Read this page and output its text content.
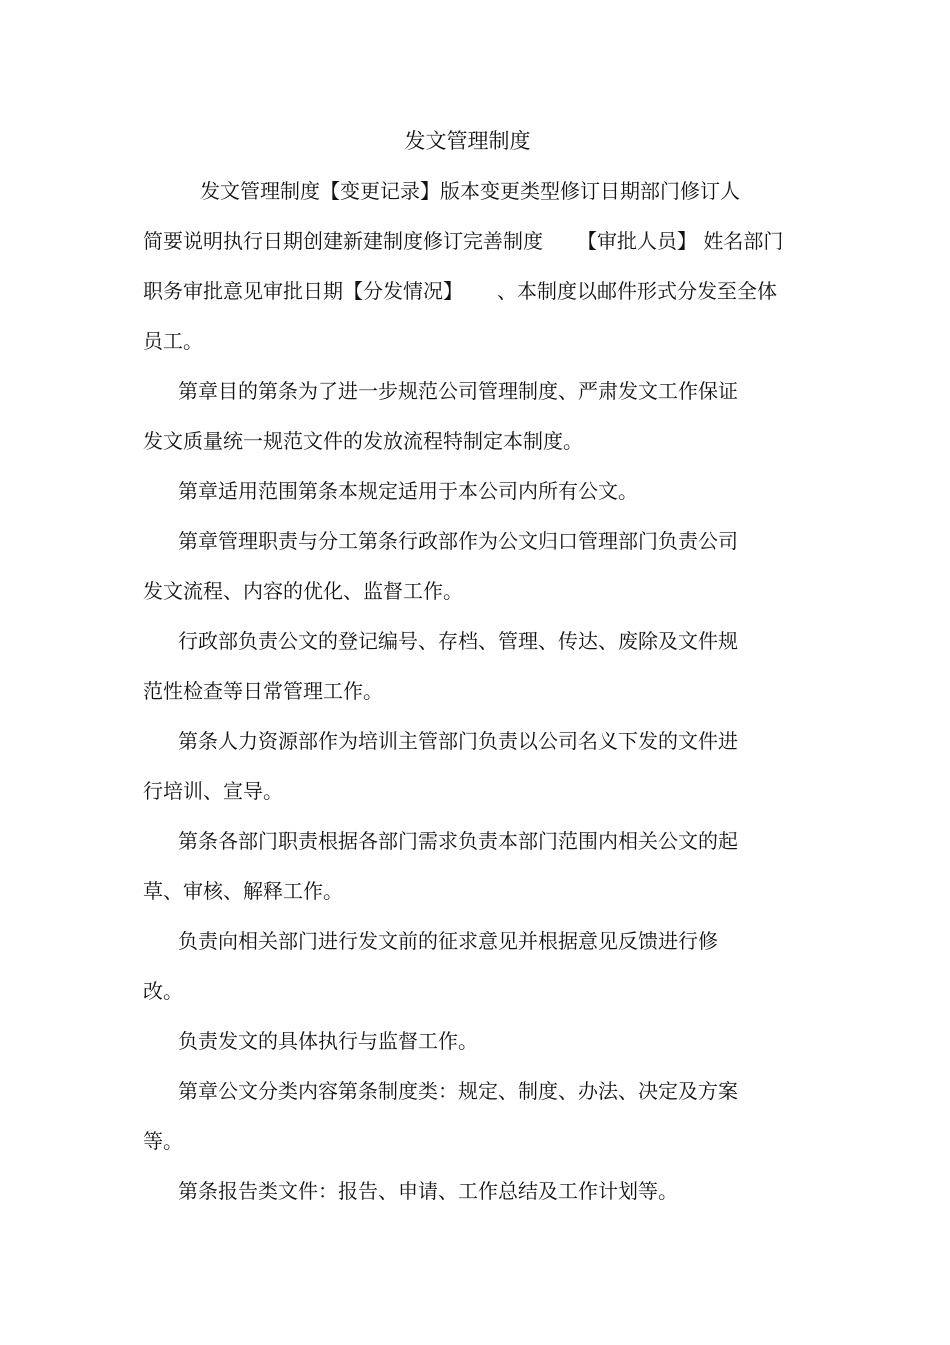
发文管理制度
发文管理制度【变更记录】版本变更类型修订日期部门修订人
简要说明执行日期创建新建制度修订完善制度 【审批人员】 姓名部门
职务审批意见审批日期【分发情况】 、本制度以邮件形式分发至全体
员工。
第章目的第条为了进一步规范公司管理制度、严肃发文工作保证
发文质量统一规范文件的发放流程特制定本制度。
第章适用范围第条本规定适用于本公司内所有公文。
第章管理职责与分工第条行政部作为公文归口管理部门负责公司
发文流程、内容的优化、监督工作。
行政部负责公文的登记编号、存档、管理、传达、废除及文件规
范性检查等日常管理工作。
第条人力资源部作为培训主管部门负责以公司名义下发的文件进
行培训、宣导。
第条各部门职责根据各部门需求负责本部门范围内相关公文的起
草、审核、解释工作。
负责向相关部门进行发文前的征求意见并根据意见反馈进行修
改。
负责发文的具体执行与监督工作。
第章公文分类内容第条制度类：规定、制度、办法、决定及方案
等。
第条报告类文件：报告、申请、工作总结及工作计划等。
